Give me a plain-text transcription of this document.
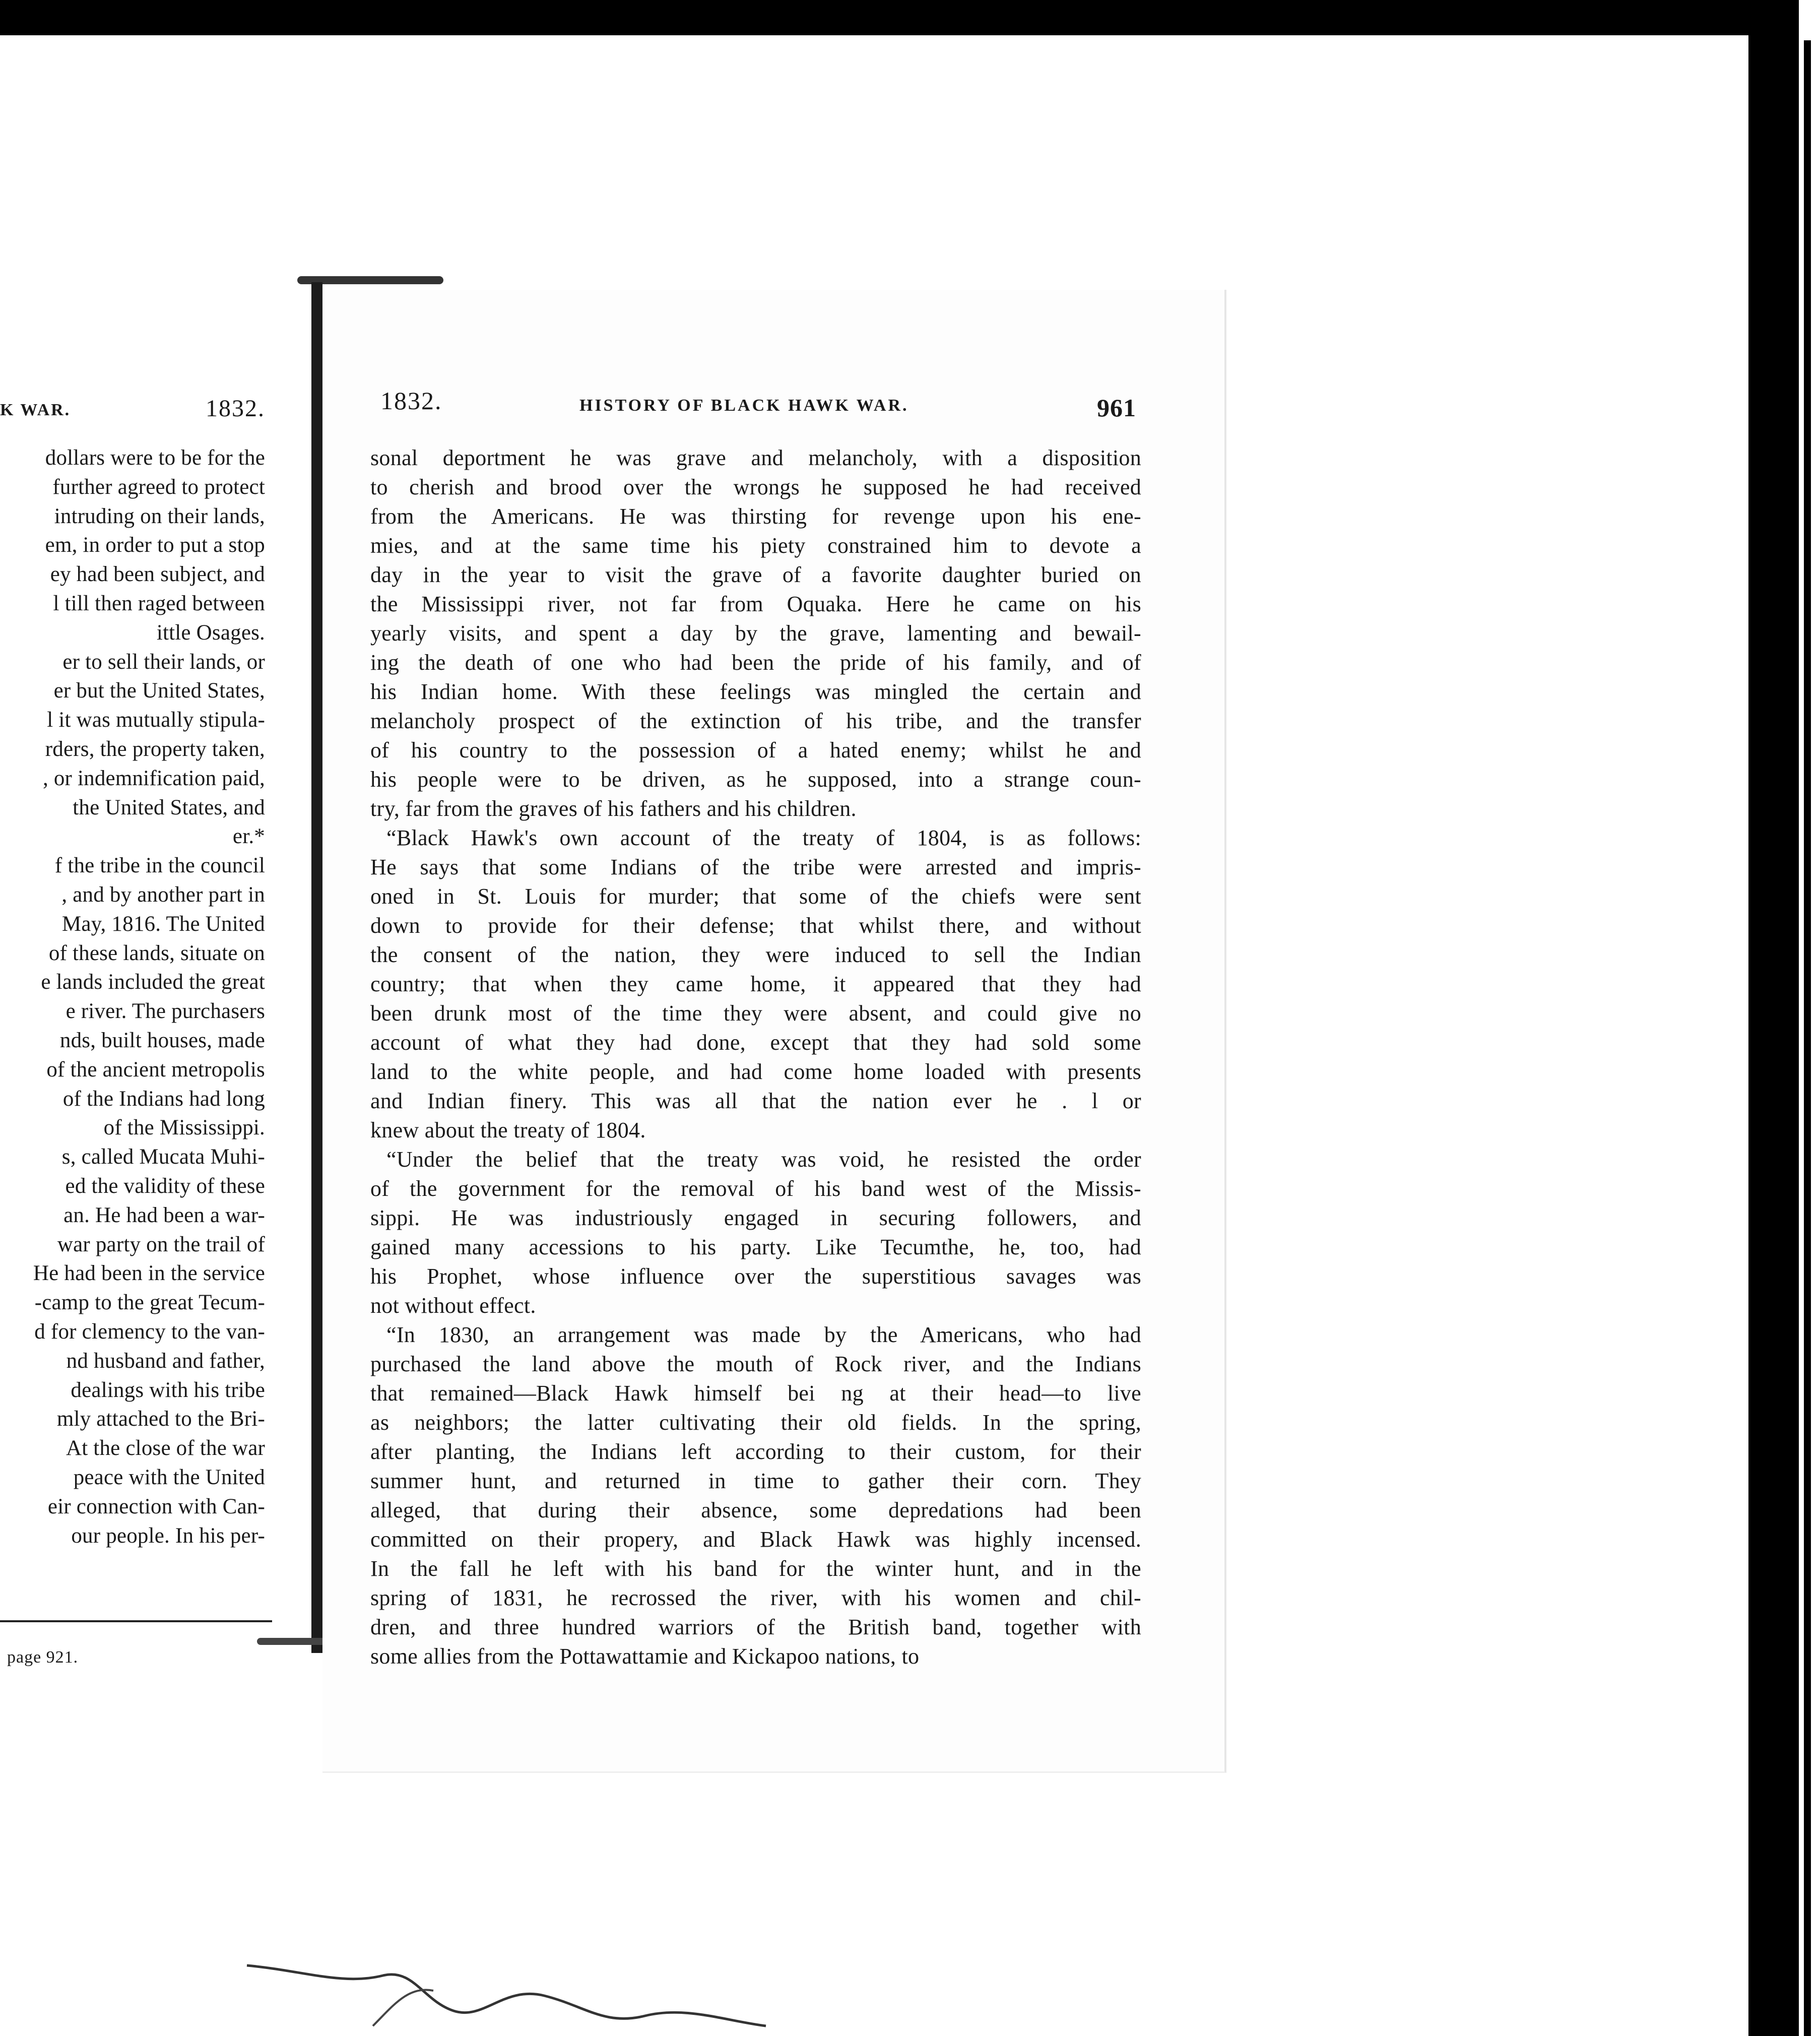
K WAR.	1832.
dollars were to be for the
further agreed to protect
intruding on their lands,
em, in order to put a stop
ey had been subject, and
l till then raged between
ittle Osages.
er to sell their lands, or
er but the United States,
l it was mutually stipula-
rders, the property taken,
, or indemnification paid,
the United States, and
er.*
f the tribe in the council
, and by another part in
May, 1816. The United
of these lands, situate on
e lands included the great
e river. The purchasers
nds, built houses, made
of the ancient metropolis
of the Indians had long
of the Mississippi.
s, called Mucata Muhi-
ed the validity of these
an. He had been a war-
war party on the trail of
He had been in the service
-camp to the great Tecum-
d for clemency to the van-
nd husband and father,
dealings with his tribe
mly attached to the Bri-
At the close of the war
peace with the United
eir connection with Can-
our people. In his per-
page 921.
1832.	HISTORY OF BLACK HAWK WAR.	961
sonal deportment he was grave and melancholy, with a disposition
to cherish and brood over the wrongs he supposed he had received
from the Americans. He was thirsting for revenge upon his ene-
mies, and at the same time his piety constrained him to devote a
day in the year to visit the grave of a favorite daughter buried on
the Mississippi river, not far from Oquaka. Here he came on his
yearly visits, and spent a day by the grave, lamenting and bewail-
ing the death of one who had been the pride of his family, and of
his Indian home. With these feelings was mingled the certain and
melancholy prospect of the extinction of his tribe, and the transfer
of his country to the possession of a hated enemy; whilst he and
his people were to be driven, as he supposed, into a strange coun-
try, far from the graves of his fathers and his children.
“Black Hawk's own account of the treaty of 1804, is as follows:
He says that some Indians of the tribe were arrested and impris-
oned in St. Louis for murder; that some of the chiefs were sent
down to provide for their defense; that whilst there, and without
the consent of the nation, they were induced to sell the Indian
country; that when they came home, it appeared that they had
been drunk most of the time they were absent, and could give no
account of what they had done, except that they had sold some
land to the white people, and had come home loaded with presents
and Indian finery. This was all that the nation ever he . l or
knew about the treaty of 1804.
“Under the belief that the treaty was void, he resisted the order
of the government for the removal of his band west of the Missis-
sippi. He was industriously engaged in securing followers, and
gained many accessions to his party. Like Tecumthe, he, too, had
his Prophet, whose influence over the superstitious savages was
not without effect.
“In 1830, an arrangement was made by the Americans, who had
purchased the land above the mouth of Rock river, and the Indians
that remained—Black Hawk himself bei ng at their head—to live
as neighbors; the latter cultivating their old fields. In the spring,
after planting, the Indians left according to their custom, for their
summer hunt, and returned in time to gather their corn. They
alleged, that during their absence, some depredations had been
committed on their propery, and Black Hawk was highly incensed.
In the fall he left with his band for the winter hunt, and in the
spring of 1831, he recrossed the river, with his women and chil-
dren, and three hundred warriors of the British band, together with
some allies from the Pottawattamie and Kickapoo nations, to
